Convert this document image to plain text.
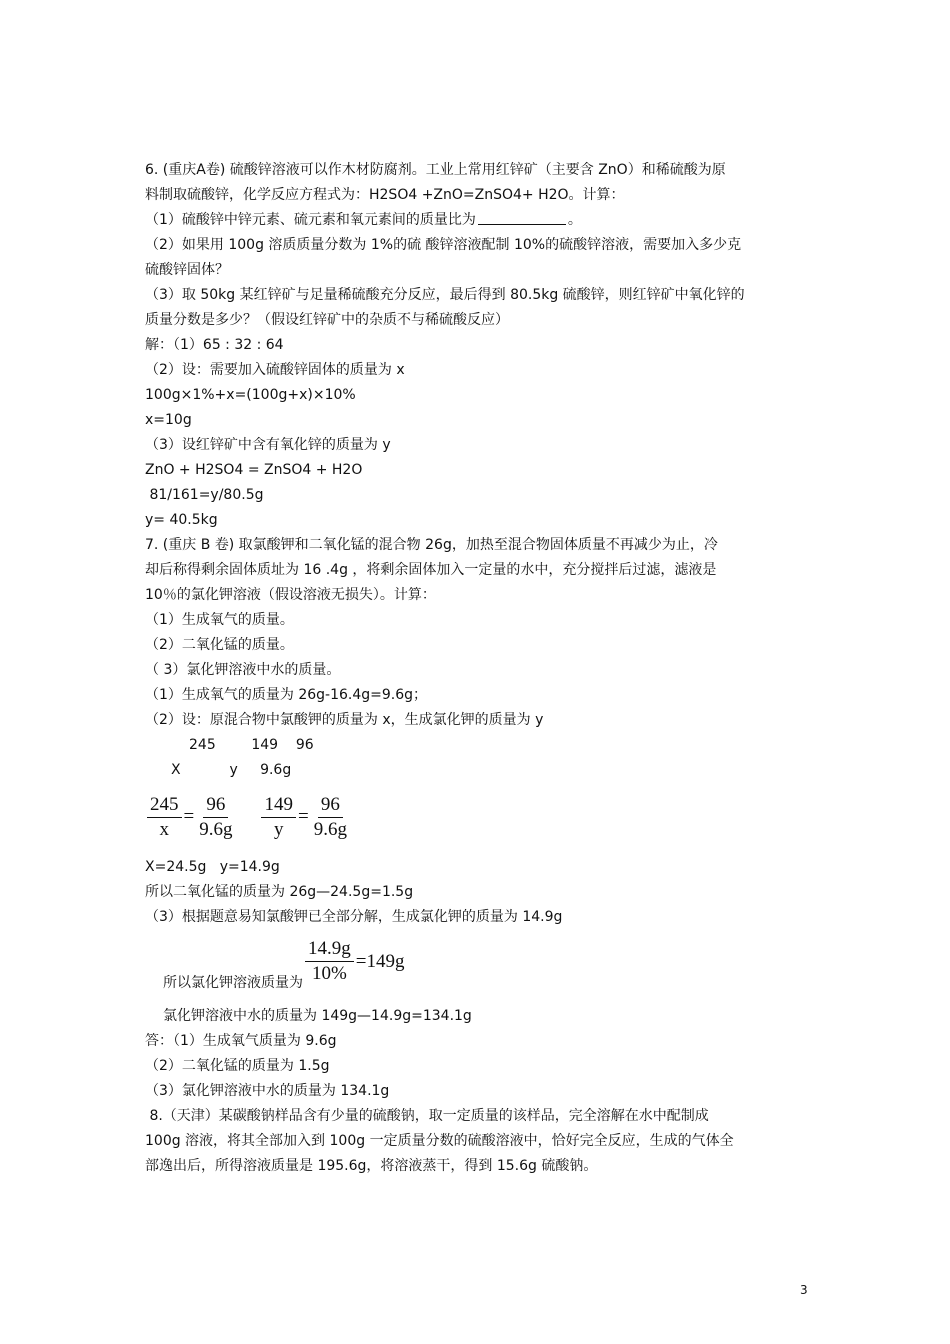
6. (重庆A卷) 硫酸锌溶液可以作木材防腐剂。工业上常用红锌矿（主要含 ZnO）和稀硫酸为原
料制取硫酸锌，化学反应方程式为：H2SO4 +ZnO=ZnSO4+ H2O。计算：
（1）硫酸锌中锌元素、硫元素和氧元素间的质量比为	。
（2）如果用 100g 溶质质量分数为 1%的硫 酸锌溶液配制 10%的硫酸锌溶液，需要加入多少克
硫酸锌固体？
（3）取 50kg 某红锌矿与足量稀硫酸充分反应，最后得到 80.5kg 硫酸锌，则红锌矿中氧化锌的
质量分数是多少？（假设红锌矿中的杂质不与稀硫酸反应）
解：（1）65 : 32 : 64
（2）设：需要加入硫酸锌固体的质量为 x
100g×1%+x=(100g+x)×10%
x=10g
（3）设红锌矿中含有氧化锌的质量为 y
ZnO + H2SO4 = ZnSO4 + H2O
81/161=y/80.5g
y= 40.5kg
7. (重庆 B 卷) 取氯酸钾和二氧化锰的混合物 26g，加热至混合物固体质量不再减少为止，冷
却后称得剩余固体质址为 16 .4g ，将剩余固体加入一定量的水中，充分搅拌后过滤，滤液是
10％的氯化钾溶液（假设溶液无损失）。计算：
（1）生成氧气的质量。
（2）二氧化锰的质量。
（ 3）氯化钾溶液中水的质量。
（1）生成氧气的质量为 26g-16.4g=9.6g；
（2）设：原混合物中氯酸钾的质量为 x，生成氯化钾的质量为 y
245        149    96
X           y     9.6g
$\frac{245}{x} = \frac{96}{9.6g} \frac{149}{y} = \frac{96}{9.6g}$
X=24.5g   y=14.9g
所以二氧化锰的质量为 26g—24.5g=1.5g
（3）根据题意易知氯酸钾已全部分解，生成氯化钾的质量为 14.9g
所以氯化钾溶液质量为 $\frac{14.9g}{10\%} =149g$
氯化钾溶液中水的质量为 149g—14.9g=134.1g
答：（1）生成氧气质量为 9.6g
（2）二氧化锰的质量为 1.5g
（3）氯化钾溶液中水的质量为 134.1g
8.（天津）某碳酸钠样品含有少量的硫酸钠，取一定质量的该样品，完全溶解在水中配制成
100g 溶液，将其全部加入到 100g 一定质量分数的硫酸溶液中，恰好完全反应，生成的气体全
部逸出后，所得溶液质量是 195.6g，将溶液蒸干，得到 15.6g 硫酸钠。
3
